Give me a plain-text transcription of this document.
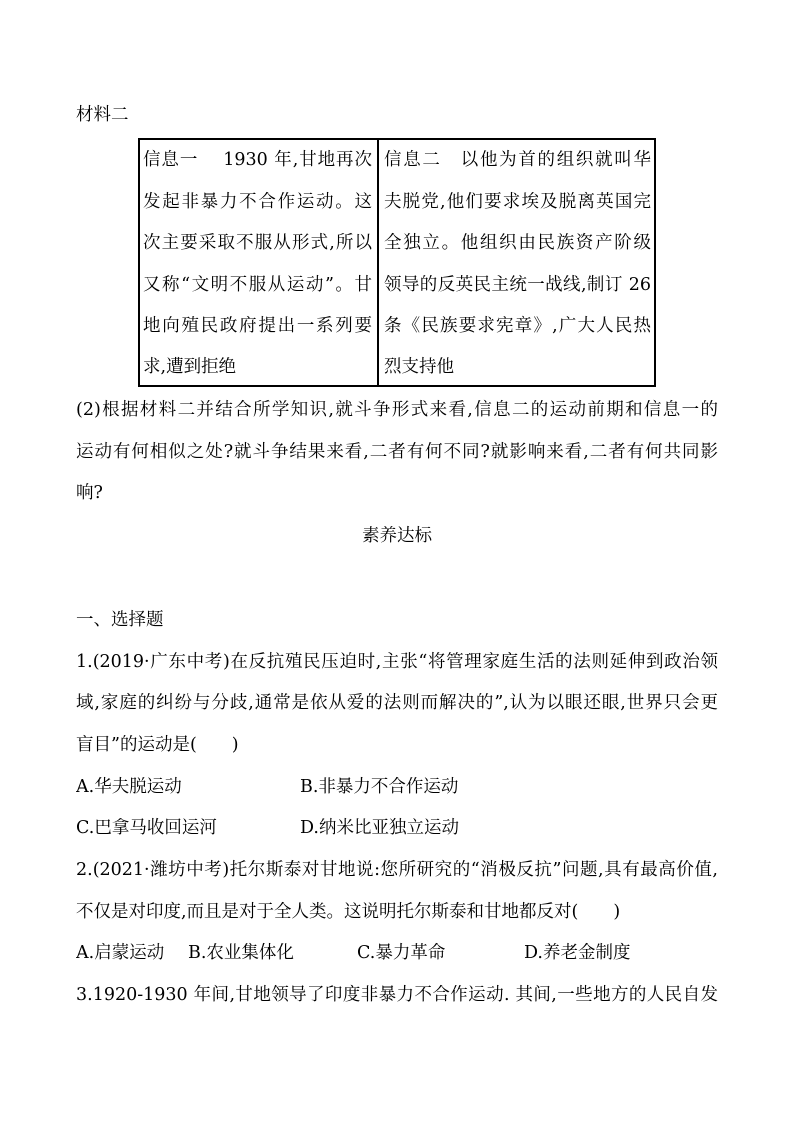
材料二
信息一　 1930 年,甘地再次
发起非暴力不合作运动。这
次主要采取不服从形式,所以
又称“文明不服从运动”。甘
地向殖民政府提出一系列要
求,遭到拒绝
信息二　以他为首的组织就叫华
夫脱党,他们要求埃及脱离英国完
全独立。他组织由民族资产阶级
领导的反英民主统一战线,制订 26
条《民族要求宪章》,广大人民热
烈支持他
(2)根据材料二并结合所学知识,就斗争形式来看,信息二的运动前期和信息一的
运动有何相似之处?就斗争结果来看,二者有何不同?就影响来看,二者有何共同影
响?
素养达标
一、选择题
1.(2019·广东中考)在反抗殖民压迫时,主张“将管理家庭生活的法则延伸到政治领
域,家庭的纠纷与分歧,通常是依从爱的法则而解决的”,认为以眼还眼,世界只会更
盲目”的运动是(　　)
A.华夫脱运动	B.非暴力不合作运动
C.巴拿马收回运河	D.纳米比亚独立运动
2.(2021·潍坊中考)托尔斯泰对甘地说:您所研究的“消极反抗”问题,具有最高价值,
不仅是对印度,而且是对于全人类。这说明托尔斯泰和甘地都反对(　　)
A.启蒙运动	B.农业集体化	C.暴力革命	D.养老金制度
3.1920-1930 年间,甘地领导了印度非暴力不合作运动. 其间,一些地方的人民自发
